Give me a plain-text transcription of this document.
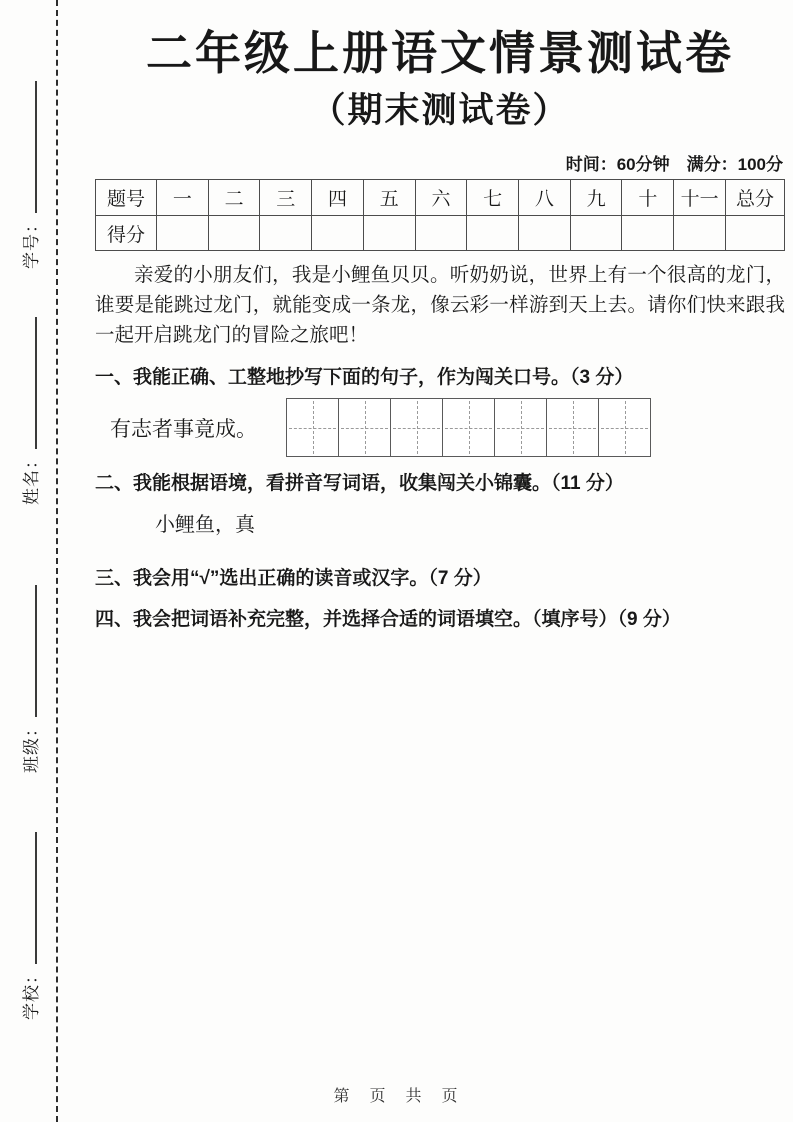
学号：
姓名：
班级：
学校：
二年级上册语文情景测试卷
（期末测试卷）
时间：60分钟　满分：100分
题号	一	二	三	四	五	六	七	八	九	十	十一	总分
得分												
亲爱的小朋友们，我是小鲤鱼贝贝。听奶奶说，世界上有一个很高的龙门，谁要是能跳过龙门，就能变成一条龙，像云彩一样游到天上去。请你们快来跟我一起开启跳龙门的冒险之旅吧！
一、我能正确、工整地抄写下面的句子，作为闯关口号。（3 分）
有志者事竟成。
二、我能根据语境，看拼音写词语，收集闯关小锦囊。（11 分）
小鲤鱼，真
三、我会用“√”选出正确的读音或汉字。（7 分）
四、我会把词语补充完整，并选择合适的词语填空。（填序号）（9 分）
第　页　共　页
